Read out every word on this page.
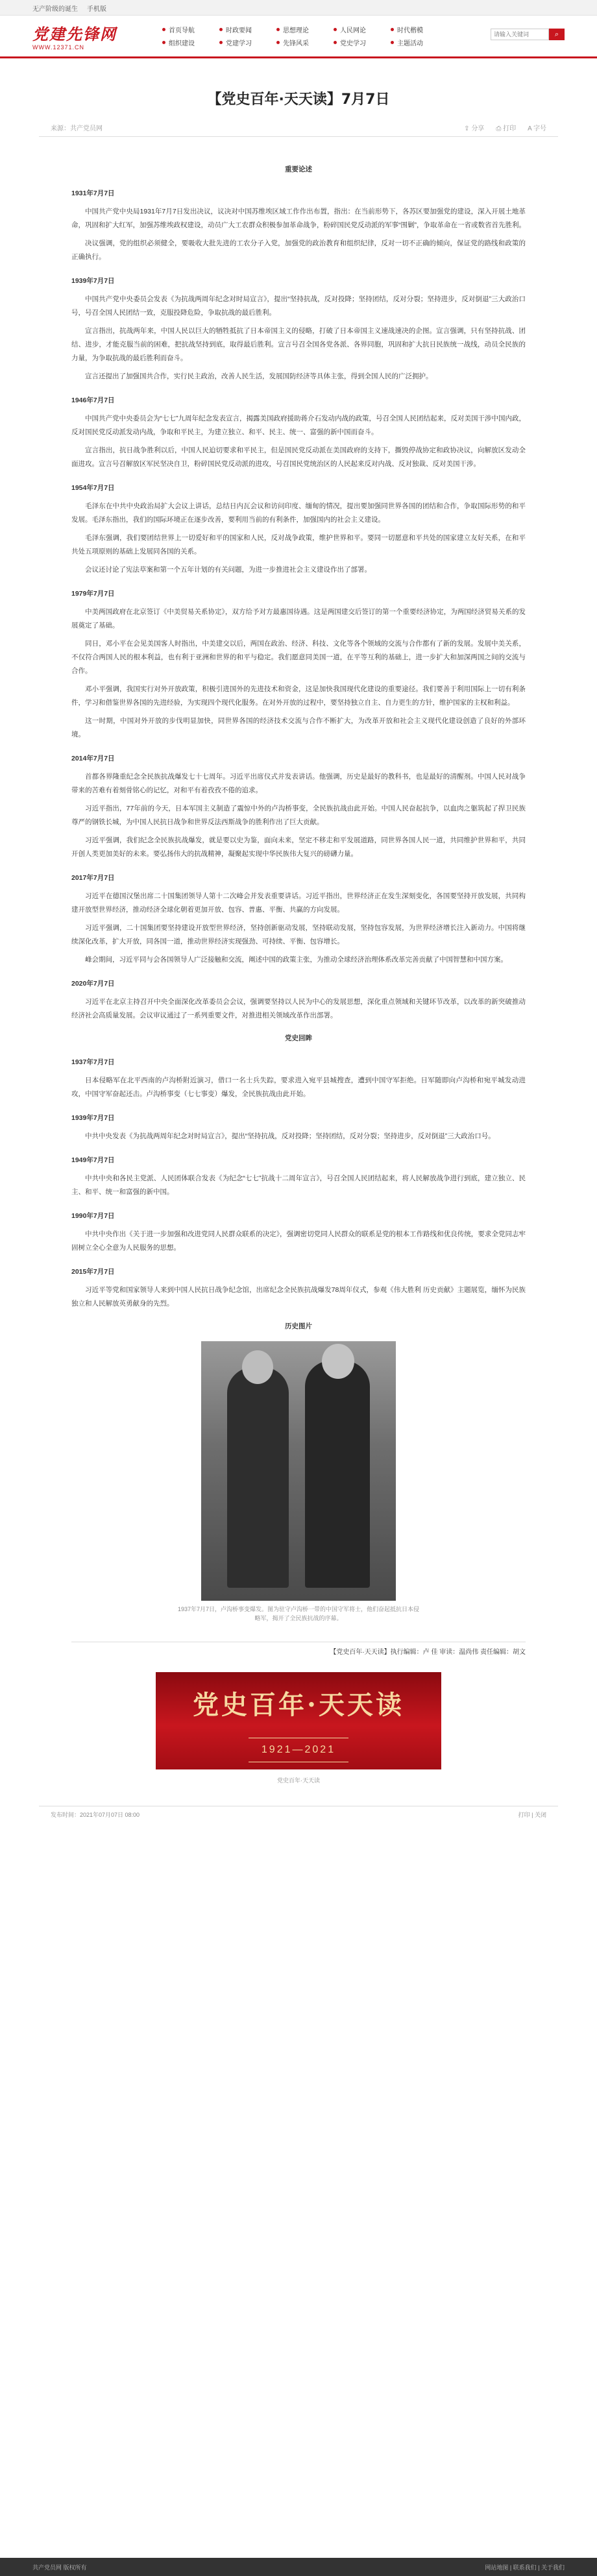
无产阶级的诞生 手机版
党建先锋网
WWW.12371.CN
首页导航	时政要闻	思想理论	人民网论	时代楷模
组织建设	党建学习	先锋风采	党史学习	主题活动
请输入关键词
⌕
【党史百年·天天读】7月7日
来源：共产党员网	⇪ 分享 ⎙ 打印 A 字号

重要论述

1931年7月7日

中国共产党中央局1931年7月7日发出决议，议决对中国苏维埃区域工作作出布置，指出：在当前形势下，各苏区要加强党的建设，深入开展土地革命，巩固和扩大红军，加强苏维埃政权建设，动员广大工农群众积极参加革命战争，粉碎国民党反动派的军事“围剿”，争取革命在一省或数省首先胜利。

决议强调，党的组织必须健全，要吸收大批先进的工农分子入党，加强党的政治教育和组织纪律，反对一切不正确的倾向，保证党的路线和政策的正确执行。

1939年7月7日

中国共产党中央委员会发表《为抗战两周年纪念对时局宣言》，提出“坚持抗战，反对投降；坚持团结，反对分裂；坚持进步，反对倒退”三大政治口号，号召全国人民团结一致，克服投降危险，争取抗战的最后胜利。

宣言指出，抗战两年来，中国人民以巨大的牺牲抵抗了日本帝国主义的侵略，打破了日本帝国主义速战速决的企图。宣言强调，只有坚持抗战、团结、进步，才能克服当前的困难，把抗战坚持到底，取得最后胜利。宣言号召全国各党各派、各界同胞，巩固和扩大抗日民族统一战线，动员全民族的力量，为争取抗战的最后胜利而奋斗。

宣言还提出了加强国共合作，实行民主政治，改善人民生活，发展国防经济等具体主张，得到全国人民的广泛拥护。

1946年7月7日

中国共产党中央委员会为“七七”九周年纪念发表宣言，揭露美国政府援助蒋介石发动内战的政策，号召全国人民团结起来，反对美国干涉中国内政，反对国民党反动派发动内战，争取和平民主，为建立独立、和平、民主、统一、富强的新中国而奋斗。

宣言指出，抗日战争胜利以后，中国人民迫切要求和平民主，但是国民党反动派在美国政府的支持下，撕毁停战协定和政协决议，向解放区发动全面进攻。宣言号召解放区军民坚决自卫，粉碎国民党反动派的进攻，号召国民党统治区的人民起来反对内战、反对独裁、反对美国干涉。

1954年7月7日

毛泽东在中共中央政治局扩大会议上讲话，总结日内瓦会议和访问印度、缅甸的情况，提出要加强同世界各国的团结和合作，争取国际形势的和平发展。毛泽东指出，我们的国际环境正在逐步改善，要利用当前的有利条件，加强国内的社会主义建设。

毛泽东强调，我们要团结世界上一切爱好和平的国家和人民，反对战争政策，维护世界和平。要同一切愿意和平共处的国家建立友好关系，在和平共处五项原则的基础上发展同各国的关系。

会议还讨论了宪法草案和第一个五年计划的有关问题，为进一步推进社会主义建设作出了部署。

1979年7月7日

中美两国政府在北京签订《中美贸易关系协定》，双方给予对方最惠国待遇。这是两国建交后签订的第一个重要经济协定，为两国经济贸易关系的发展奠定了基础。

同日，邓小平在会见美国客人时指出，中美建交以后，两国在政治、经济、科技、文化等各个领域的交流与合作都有了新的发展。发展中美关系，不仅符合两国人民的根本利益，也有利于亚洲和世界的和平与稳定。我们愿意同美国一道，在平等互利的基础上，进一步扩大和加深两国之间的交流与合作。

邓小平强调，我国实行对外开放政策，积极引进国外的先进技术和资金，这是加快我国现代化建设的重要途径。我们要善于利用国际上一切有利条件，学习和借鉴世界各国的先进经验，为实现四个现代化服务。在对外开放的过程中，要坚持独立自主、自力更生的方针，维护国家的主权和利益。

这一时期，中国对外开放的步伐明显加快，同世界各国的经济技术交流与合作不断扩大，为改革开放和社会主义现代化建设创造了良好的外部环境。

2014年7月7日

首都各界隆重纪念全民族抗战爆发七十七周年。习近平出席仪式并发表讲话。他强调，历史是最好的教科书，也是最好的清醒剂。中国人民对战争带来的苦难有着刻骨铭心的记忆，对和平有着孜孜不倦的追求。

习近平指出，77年前的今天，日本军国主义制造了震惊中外的卢沟桥事变，全民族抗战由此开始。中国人民奋起抗争，以血肉之躯筑起了捍卫民族尊严的钢铁长城，为中国人民抗日战争和世界反法西斯战争的胜利作出了巨大贡献。

习近平强调，我们纪念全民族抗战爆发，就是要以史为鉴，面向未来，坚定不移走和平发展道路，同世界各国人民一道，共同维护世界和平，共同开创人类更加美好的未来。要弘扬伟大的抗战精神，凝聚起实现中华民族伟大复兴的磅礴力量。

2017年7月7日

习近平在德国汉堡出席二十国集团领导人第十二次峰会并发表重要讲话。习近平指出，世界经济正在发生深刻变化，各国要坚持开放发展，共同构建开放型世界经济，推动经济全球化朝着更加开放、包容、普惠、平衡、共赢的方向发展。

习近平强调，二十国集团要坚持建设开放型世界经济，坚持创新驱动发展，坚持联动发展，坚持包容发展，为世界经济增长注入新动力。中国将继续深化改革，扩大开放，同各国一道，推动世界经济实现强劲、可持续、平衡、包容增长。

峰会期间，习近平同与会各国领导人广泛接触和交流，阐述中国的政策主张，为推动全球经济治理体系改革完善贡献了中国智慧和中国方案。

2020年7月7日

习近平在北京主持召开中央全面深化改革委员会会议，强调要坚持以人民为中心的发展思想，深化重点领域和关键环节改革，以改革的新突破推动经济社会高质量发展。会议审议通过了一系列重要文件，对推进相关领域改革作出部署。

党史回眸

1937年7月7日

日本侵略军在北平西南的卢沟桥附近演习，借口一名士兵失踪，要求进入宛平县城搜查，遭到中国守军拒绝。日军随即向卢沟桥和宛平城发动进攻，中国守军奋起还击。卢沟桥事变（七七事变）爆发，全民族抗战由此开始。

1939年7月7日

中共中央发表《为抗战两周年纪念对时局宣言》，提出“坚持抗战，反对投降；坚持团结，反对分裂；坚持进步，反对倒退”三大政治口号。

1949年7月7日

中共中央和各民主党派、人民团体联合发表《为纪念“七七”抗战十二周年宣言》，号召全国人民团结起来，将人民解放战争进行到底，建立独立、民主、和平、统一和富强的新中国。

1990年7月7日

中共中央作出《关于进一步加强和改进党同人民群众联系的决定》，强调密切党同人民群众的联系是党的根本工作路线和优良传统，要求全党同志牢固树立全心全意为人民服务的思想。

2015年7月7日

习近平等党和国家领导人来到中国人民抗日战争纪念馆，出席纪念全民族抗战爆发78周年仪式，参观《伟大胜利 历史贡献》主题展览，缅怀为民族独立和人民解放英勇献身的先烈。

历史图片

1937年7月7日，卢沟桥事变爆发。图为驻守卢沟桥一带的中国守军将士，他们奋起抵抗日本侵略军，揭开了全民族抗战的序幕。
【党史百年·天天读】执行编辑：卢 佳 审读：温尚伟 责任编辑：胡文
党史百年·天天读
1921—2021
党史百年·天天读
发布时间：2021年07月07日 08:00	打印 | 关闭
共产党员网 版权所有	网站地图 | 联系我们 | 关于我们
